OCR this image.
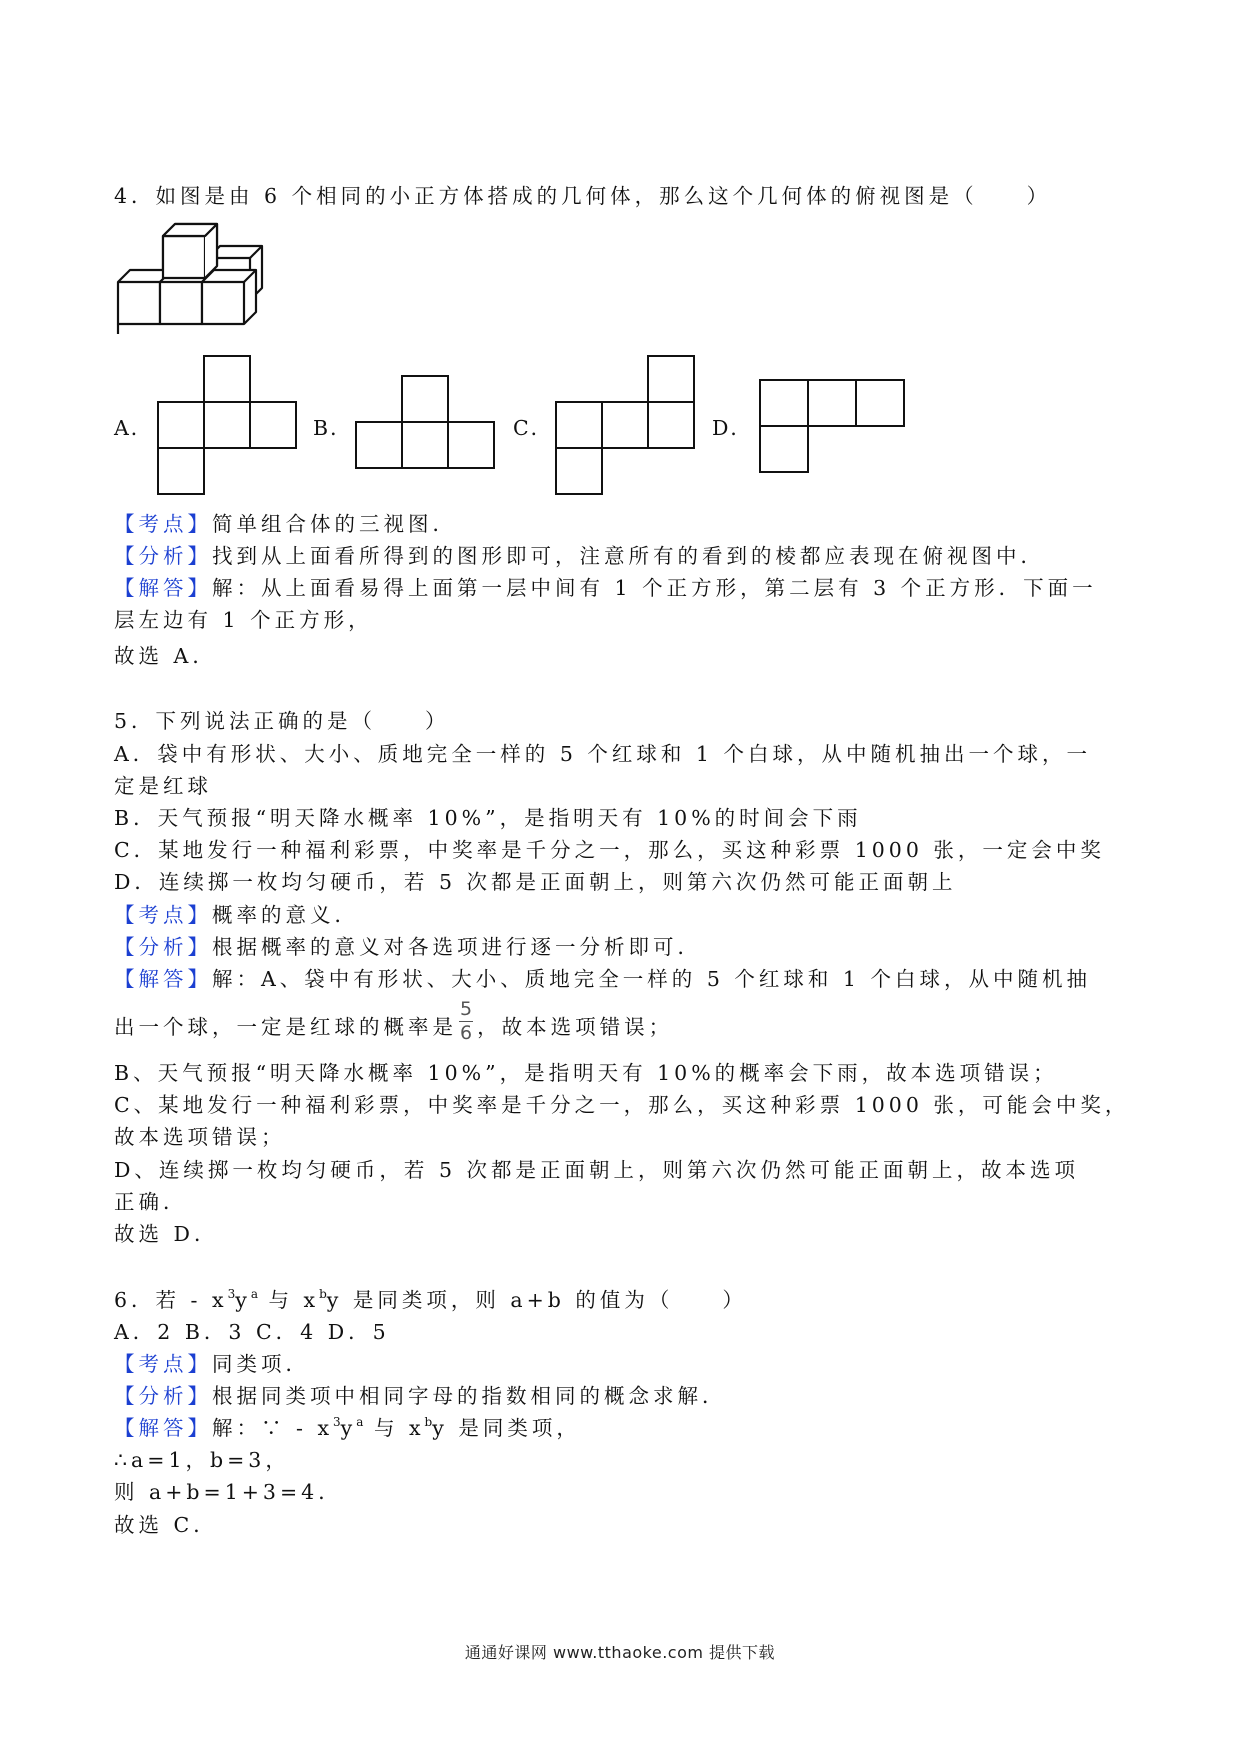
4．如图是由 6 个相同的小正方体搭成的几何体，那么这个几何体的俯视图是（　　）
A．	B．	C．	D．
【考点】简单组合体的三视图．
【分析】找到从上面看所得到的图形即可，注意所有的看到的棱都应表现在俯视图中．
【解答】解：从上面看易得上面第一层中间有 1 个正方形，第二层有 3 个正方形．下面一
层左边有 1 个正方形，
故选 A．
5．下列说法正确的是（　　）
A．袋中有形状、大小、质地完全一样的 5 个红球和 1 个白球，从中随机抽出一个球，一
定是红球
B．天气预报“明天降水概率 10%”，是指明天有 10%的时间会下雨
C．某地发行一种福利彩票，中奖率是千分之一，那么，买这种彩票 1000 张，一定会中奖
D．连续掷一枚均匀硬币，若 5 次都是正面朝上，则第六次仍然可能正面朝上
【考点】概率的意义．
【分析】根据概率的意义对各选项进行逐一分析即可．
【解答】解：A、袋中有形状、大小、质地完全一样的 5 个红球和 1 个白球，从中随机抽
出一个球，一定是红球的概率是 $\frac{5}{6}$ ，故本选项错误；
B、天气预报“明天降水概率 10%”，是指明天有 10%的概率会下雨，故本选项错误；
C、某地发行一种福利彩票，中奖率是千分之一，那么，买这种彩票 1000 张，可能会中奖，
故本选项错误；
D、连续掷一枚均匀硬币，若 5 次都是正面朝上，则第六次仍然可能正面朝上，故本选项
正确．
故选 D．
6．若 - $x^3y^a$ 与 $x^by$ 是同类项，则 a+b 的值为（　　）
A．2 B．3 C．4 D．5
【考点】同类项．
【分析】根据同类项中相同字母的指数相同的概念求解．
【解答】解：∵ - $x^3y^a$ 与 $x^by$ 是同类项，
∴a=1，b=3，
则 a+b=1+3=4．
故选 C．
通通好课网 www.tthaoke.com 提供下载
